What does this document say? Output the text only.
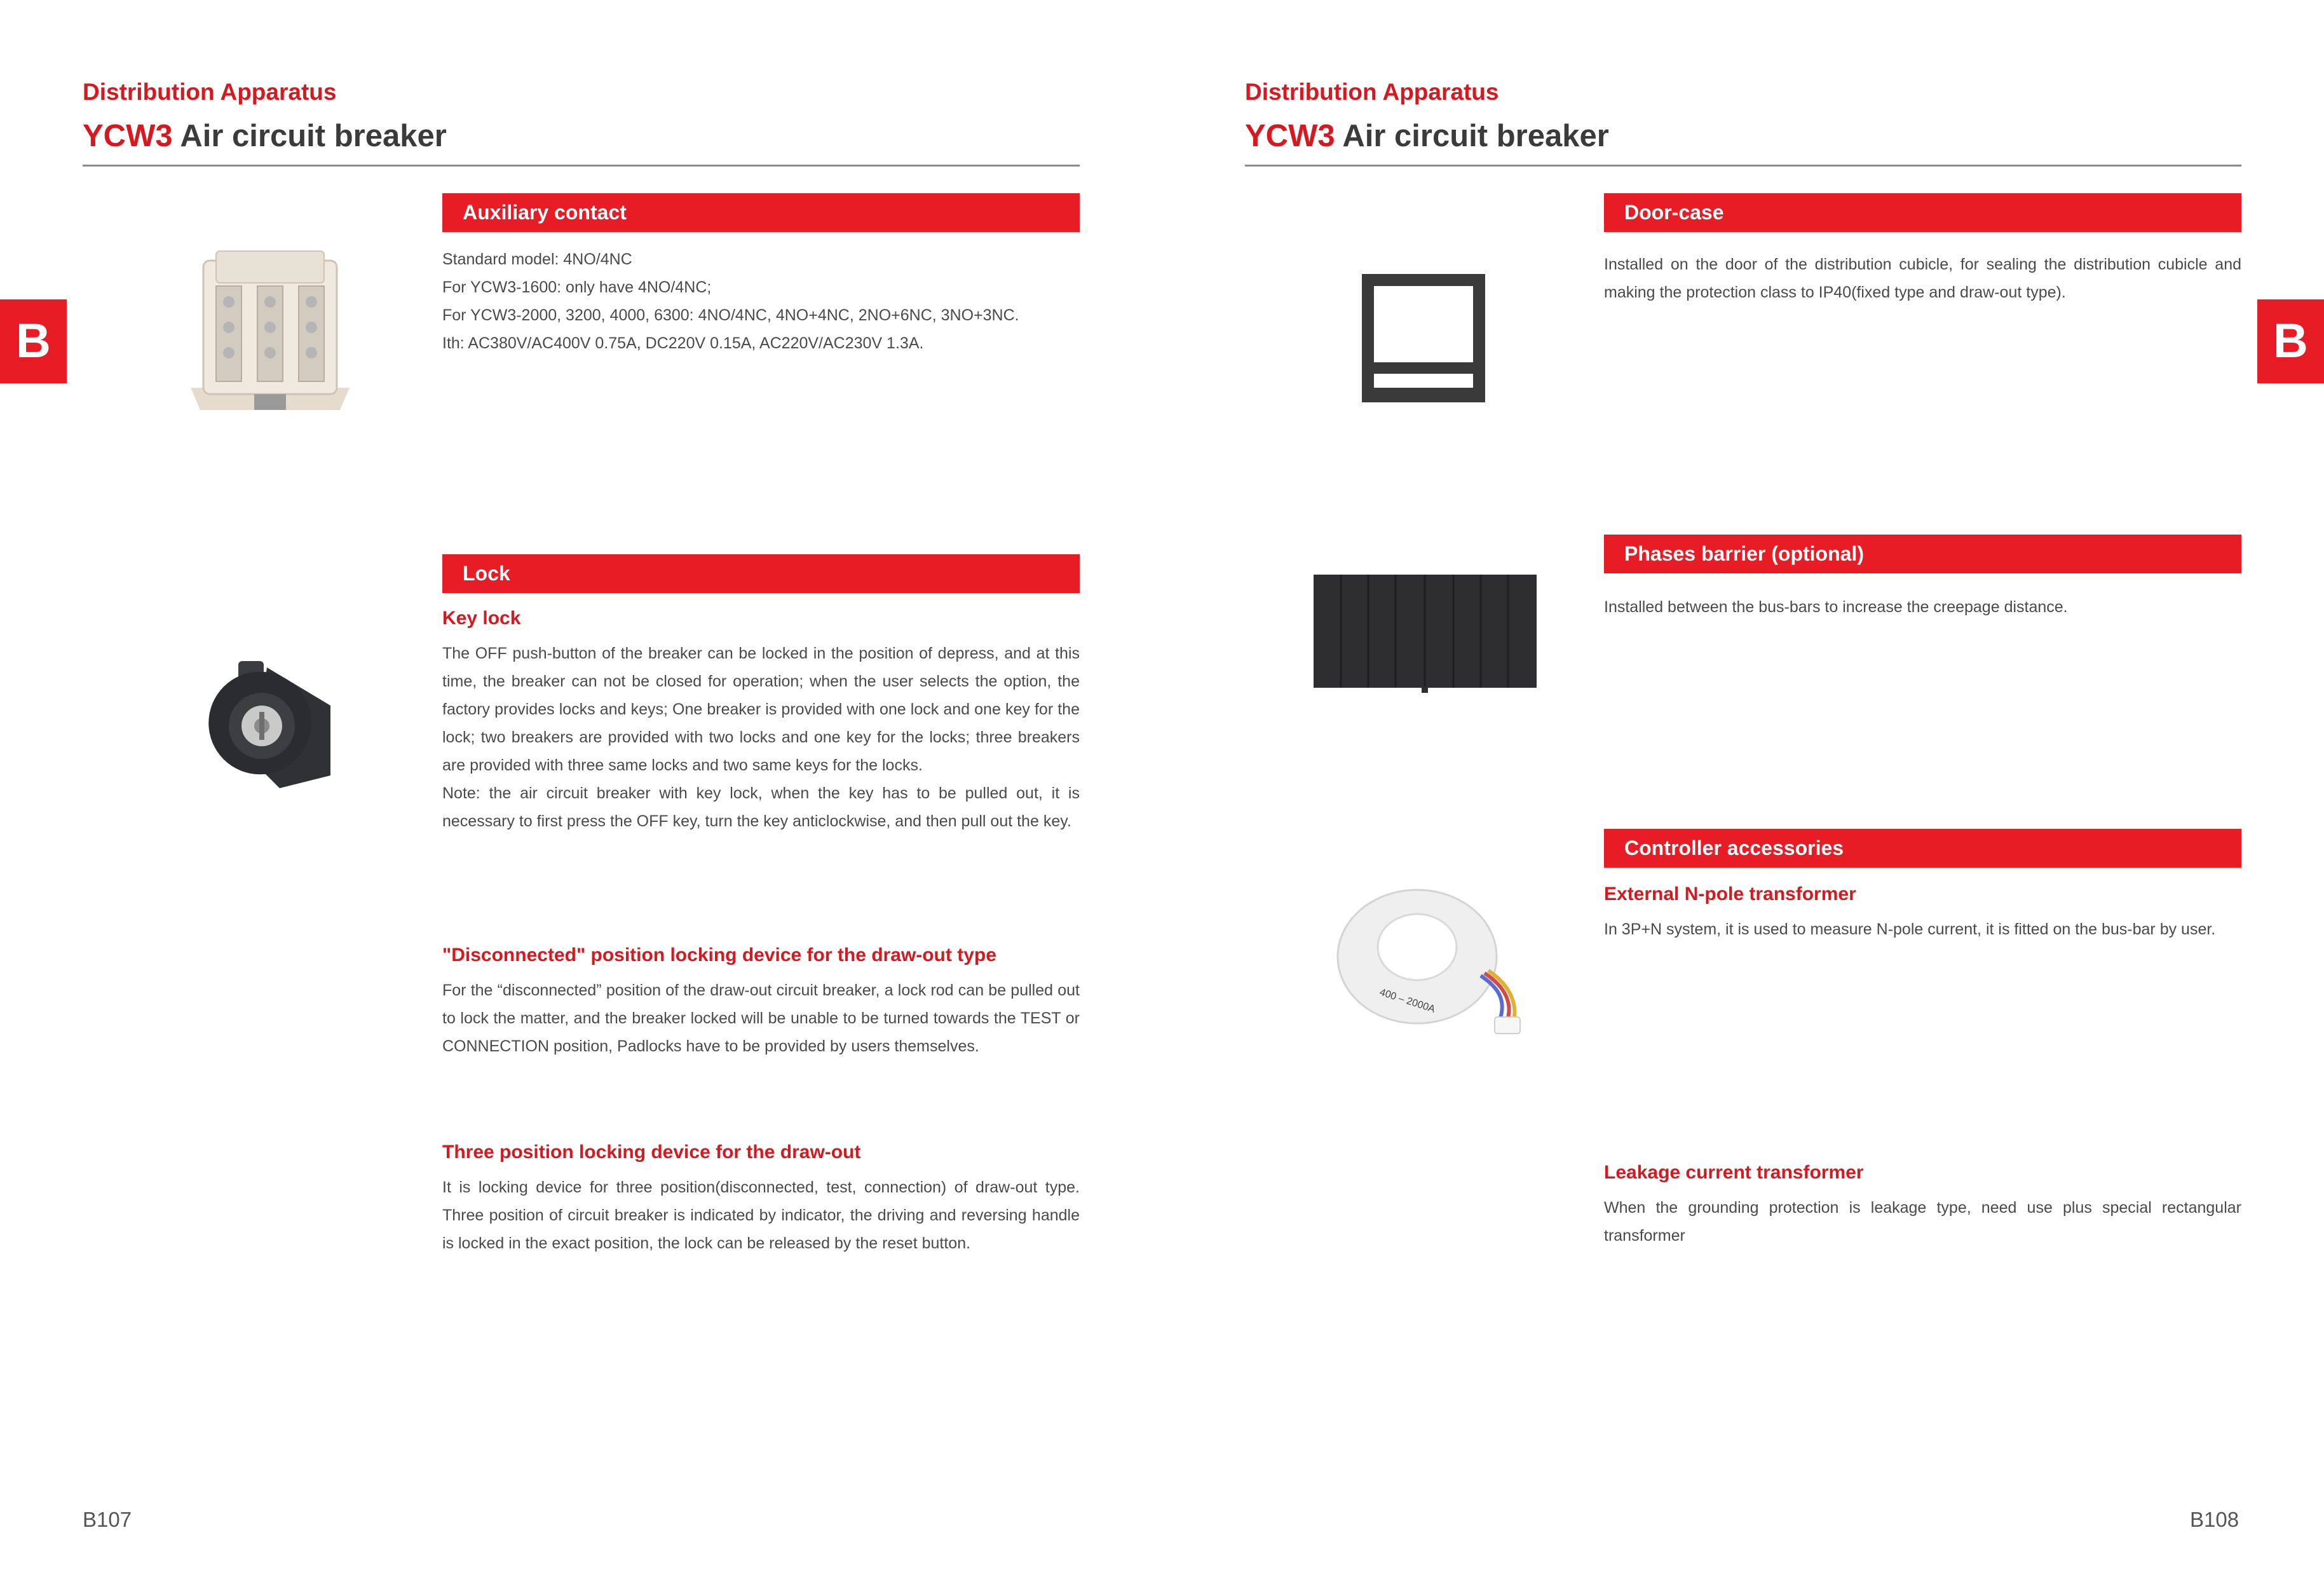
Distribution Apparatus
YCW3 Air circuit breaker
B
Auxiliary contact
Standard model: 4NO/4NC
For YCW3-1600: only have 4NO/4NC;
For YCW3-2000, 3200, 4000, 6300: 4NO/4NC, 4NO+4NC, 2NO+6NC, 3NO+3NC.
Ith: AC380V/AC400V 0.75A, DC220V 0.15A, AC220V/AC230V 1.3A.
Lock
Key lock
The OFF push-button of the breaker can be locked in the position of depress, and at this time, the breaker can not be closed for operation; when the user selects the option, the factory provides locks and keys; One breaker is provided with one lock and one key for the lock; two breakers are provided with two locks and one key for the locks; three breakers are provided with three same locks and two same keys for the locks.
Note: the air circuit breaker with key lock, when the key has to be pulled out, it is necessary to first press the OFF key, turn the key anticlockwise, and then pull out the key.
"Disconnected" position locking device for the draw-out type
For the “disconnected” position of the draw-out circuit breaker, a lock rod can be pulled out to lock the matter, and the breaker locked will be unable to be turned towards the TEST or CONNECTION position, Padlocks have to be provided by users themselves.
Three position locking device for the draw-out
It is locking device for three position(disconnected, test, connection) of draw-out type. Three position of circuit breaker is indicated by indicator, the driving and reversing handle is locked in the exact position, the lock can be released by the reset button.
B107
Distribution Apparatus
YCW3 Air circuit breaker
B
Door-case
Installed on the door of the distribution cubicle, for sealing the distribution cubicle and making the protection class to IP40(fixed type and draw-out type).
Phases barrier (optional)
Installed between the bus-bars to increase the creepage distance.
400 – 2000A
Controller accessories
External N-pole transformer
In 3P+N system, it is used to measure N-pole current, it is fitted on the bus-bar by user.
Leakage current transformer
When the grounding protection is leakage type, need use plus special rectangular transformer
B108
